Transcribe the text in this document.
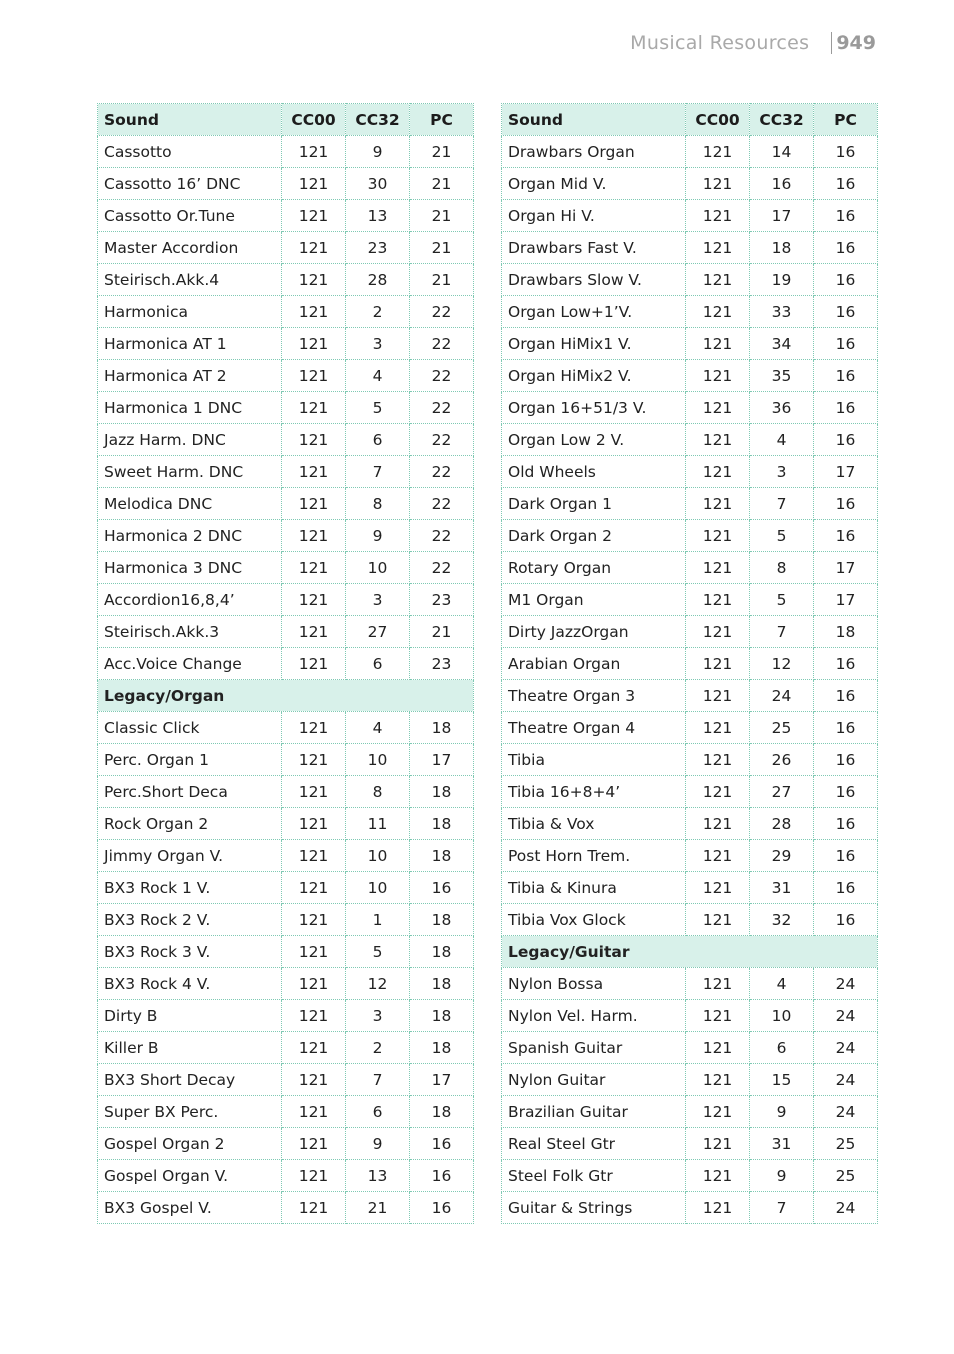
Musical Resources 949
Sound	CC00	CC32	PC
Cassotto	121	9	21
Cassotto 16’ DNC	121	30	21
Cassotto Or.Tune	121	13	21
Master Accordion	121	23	21
Steirisch.Akk.4	121	28	21
Harmonica	121	2	22
Harmonica AT 1	121	3	22
Harmonica AT 2	121	4	22
Harmonica 1 DNC	121	5	22
Jazz Harm. DNC	121	6	22
Sweet Harm. DNC	121	7	22
Melodica DNC	121	8	22
Harmonica 2 DNC	121	9	22
Harmonica 3 DNC	121	10	22
Accordion16,8,4’	121	3	23
Steirisch.Akk.3	121	27	21
Acc.Voice Change	121	6	23
Legacy/Organ			
Classic Click	121	4	18
Perc. Organ 1	121	10	17
Perc.Short Deca	121	8	18
Rock Organ 2	121	11	18
Jimmy Organ V.	121	10	18
BX3 Rock 1 V.	121	10	16
BX3 Rock 2 V.	121	1	18
BX3 Rock 3 V.	121	5	18
BX3 Rock 4 V.	121	12	18
Dirty B	121	3	18
Killer B	121	2	18
BX3 Short Decay	121	7	17
Super BX Perc.	121	6	18
Gospel Organ 2	121	9	16
Gospel Organ V.	121	13	16
BX3 Gospel V.	121	21	16
Sound	CC00	CC32	PC
Drawbars Organ	121	14	16
Organ Mid V.	121	16	16
Organ Hi V.	121	17	16
Drawbars Fast V.	121	18	16
Drawbars Slow V.	121	19	16
Organ Low+1’V.	121	33	16
Organ HiMix1 V.	121	34	16
Organ HiMix2 V.	121	35	16
Organ 16+51/3 V.	121	36	16
Organ Low 2 V.	121	4	16
Old Wheels	121	3	17
Dark Organ 1	121	7	16
Dark Organ 2	121	5	16
Rotary Organ	121	8	17
M1 Organ	121	5	17
Dirty JazzOrgan	121	7	18
Arabian Organ	121	12	16
Theatre Organ 3	121	24	16
Theatre Organ 4	121	25	16
Tibia	121	26	16
Tibia 16+8+4’	121	27	16
Tibia & Vox	121	28	16
Post Horn Trem.	121	29	16
Tibia & Kinura	121	31	16
Tibia Vox Glock	121	32	16
Legacy/Guitar			
Nylon Bossa	121	4	24
Nylon Vel. Harm.	121	10	24
Spanish Guitar	121	6	24
Nylon Guitar	121	15	24
Brazilian Guitar	121	9	24
Real Steel Gtr	121	31	25
Steel Folk Gtr	121	9	25
Guitar & Strings	121	7	24
